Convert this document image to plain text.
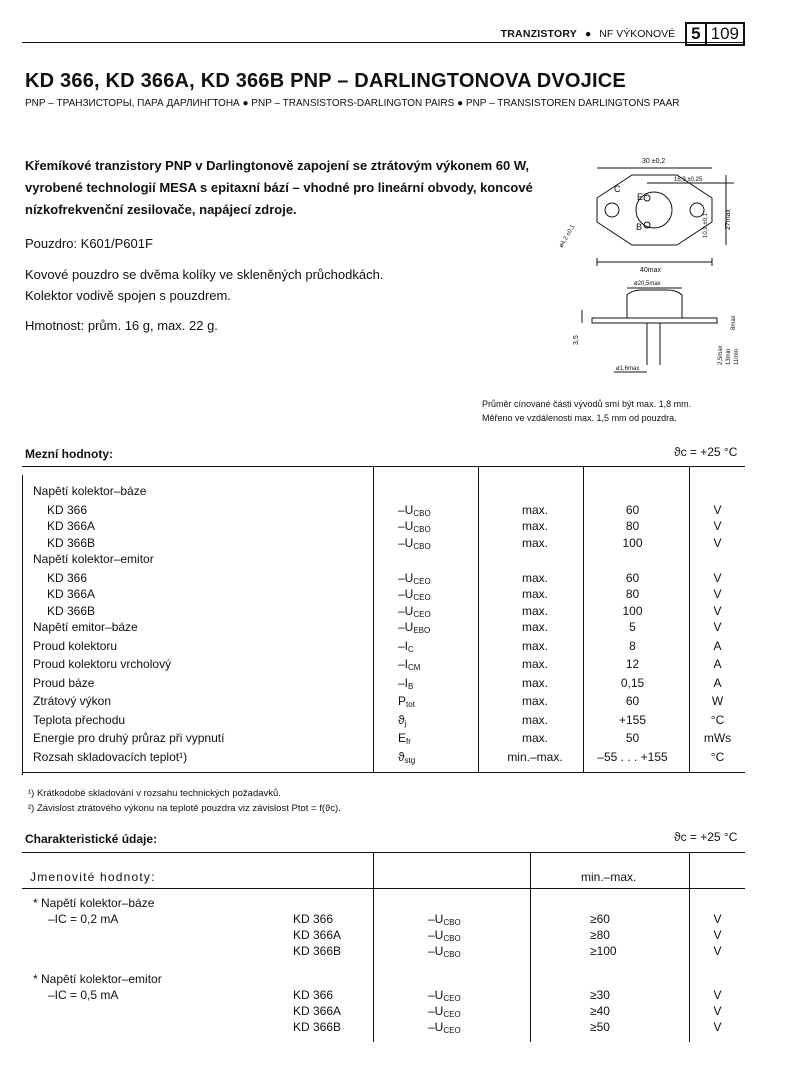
TRANZISTORY ● NF VÝKONOVÉ 5 109
KD 366, KD 366A, KD 366B PNP – DARLINGTONOVA DVOJICE
PNP – ТРАНЗИСТОРЫ, ПАРА ДАРЛИНГТОНА ● PNP – TRANSISTORS-DARLINGTON PAIRS ● PNP – TRANSISTOREN DARLINGTONS PAAR
Křemíkové tranzistory PNP v Darlingtonově zapojení se ztrátovým výkonem 60 W, vyrobené technologií MESA s epitaxní bází – vhodné pro lineární obvody, koncové nízkofrekvenční zesilovače, napájecí zdroje.
Pouzdro: K601/P601F
Kovové pouzdro se dvěma kolíky ve skleněných průchodkách.
Kolektor vodivě spojen s pouzdrem.
Hmotnost: prům. 16 g, max. 22 g.
30 ±0,2
16,9 ±0,25
40max
27max
10,9 ±0,1
ø4,2 ±0,1
C
E
B
ø20,5max
3,5
8max
2,5max 13min 11min
ø1,6max
Průměr cínované části vývodů smí být max. 1,8 mm.
Měřeno ve vzdálenosti max. 1,5 mm od pouzdra.
Mezní hodnoty:	ϑc = +25 °C
Napětí kolektor–báze
KD 366	$-U_{CBO}$	max.	60	V
KD 366A	$-U_{CBO}$	max.	80	V
KD 366B	$-U_{CBO}$	max.	100	V
Napětí kolektor–emitor
KD 366	$-U_{CEO}$	max.	60	V
KD 366A	$-U_{CEO}$	max.	80	V
KD 366B	$-U_{CEO}$	max.	100	V
Napětí emitor–báze	$-U_{EBO}$	max.	5	V
Proud kolektoru	$-I_C$	max.	8	A
Proud kolektoru vrcholový	$-I_{CM}$	max.	12	A
Proud báze	$-I_B$	max.	0,15	A
Ztrátový výkon	$P_{tot}$	max.	60	W
Teplota přechodu	$ϑ_j$	max.	+155	°C
Energie pro druhý průraz při vypnutí	$E_{fr}$	max.	50	mWs
Rozsah skladovacích teplot¹)	$ϑ_{stg}$	min.–max.	–55 . . . +155	°C
¹) Krátkodobé skladování v rozsahu technických požadavků.
²) Závislost ztrátového výkonu na teplotě pouzdra viz závislost Ptot = f(ϑc).
Charakteristické údaje:	ϑc = +25 °C
Jmenovité hodnoty:	min.–max.
* Napětí kolektor–báze
–IC = 0,2 mA	KD 366	$-U_{CBO}$	≥60	V
KD 366A	$-U_{CBO}$	≥80	V
KD 366B	$-U_{CBO}$	≥100	V
* Napětí kolektor–emitor
–IC = 0,5 mA	KD 366	$-U_{CEO}$	≥30	V
KD 366A	$-U_{CEO}$	≥40	V
KD 366B	$-U_{CEO}$	≥50	V
